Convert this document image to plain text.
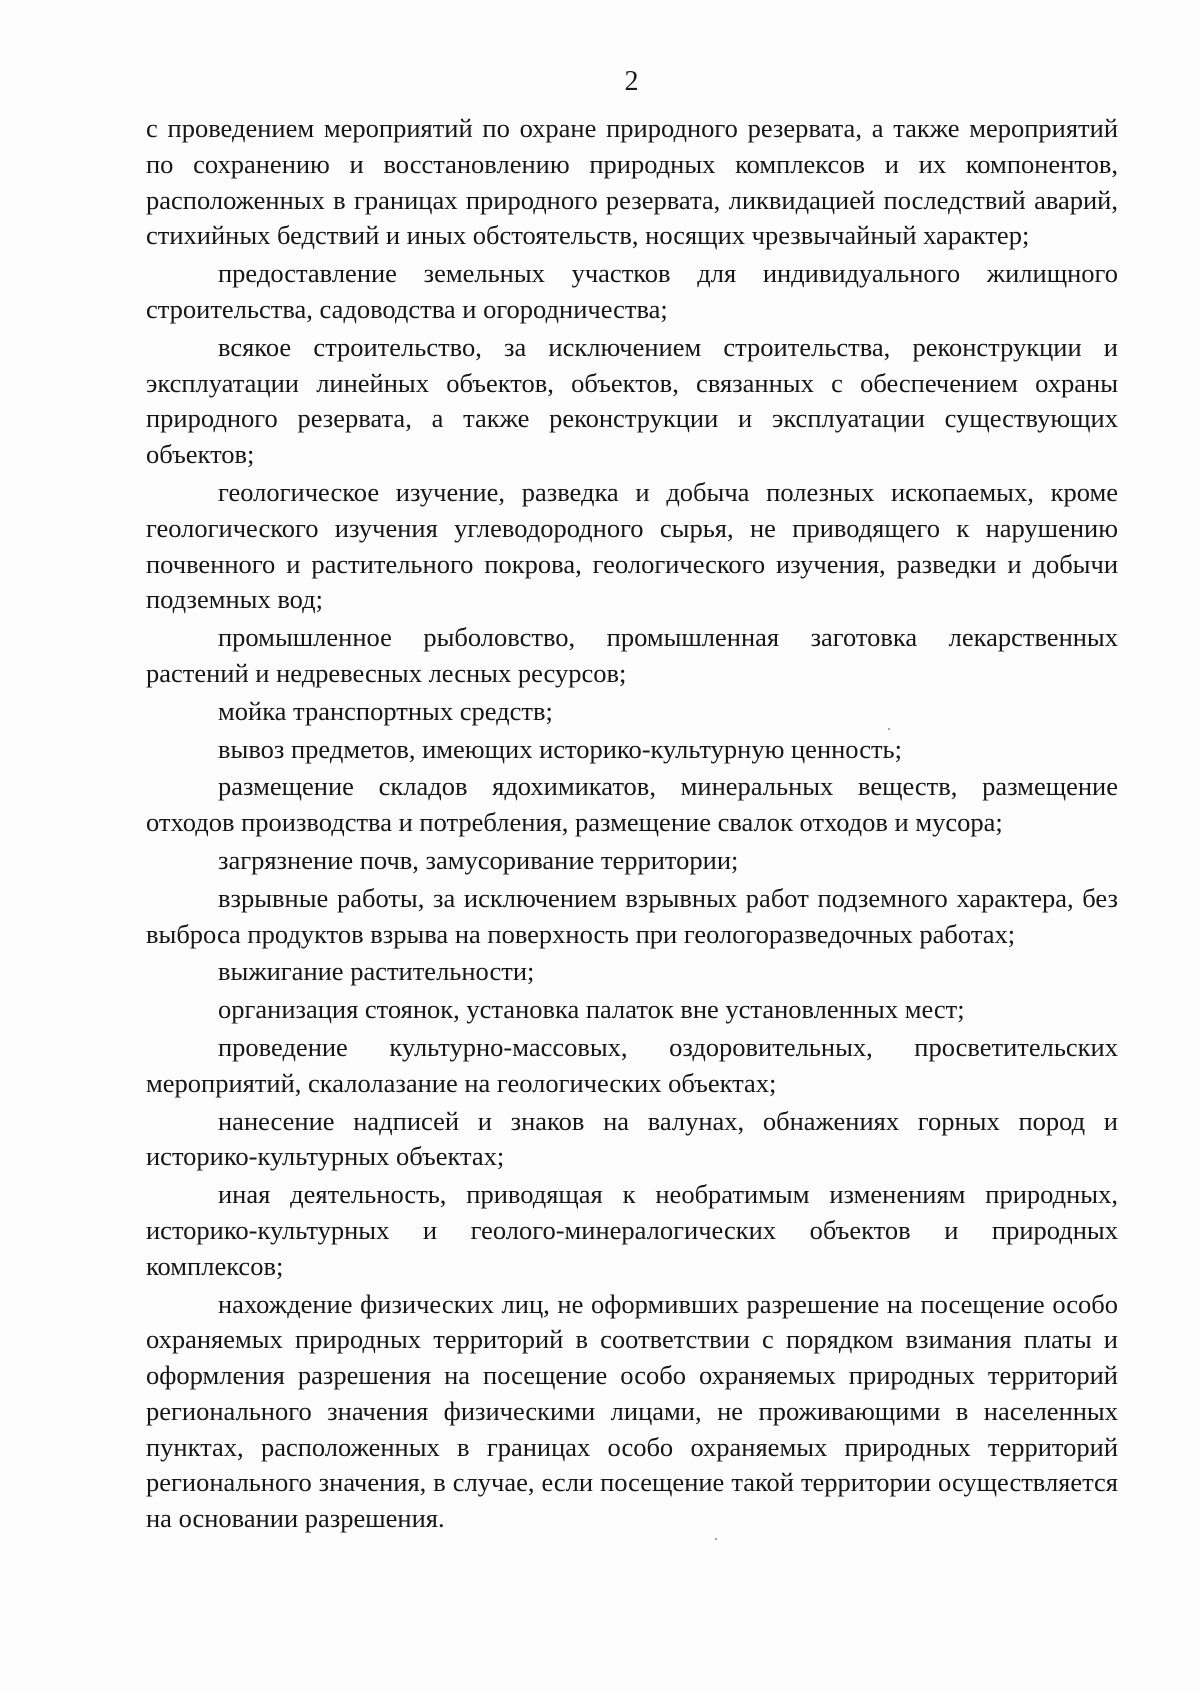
2

с проведением мероприятий по охране природного резервата, а также мероприятий по сохранению и восстановлению природных комплексов и их компонентов, расположенных в границах природного резервата, ликвидацией последствий аварий, стихийных бедствий и иных обстоятельств, носящих чрезвычайный характер;

предоставление земельных участков для индивидуального жилищного строительства, садоводства и огородничества;

всякое строительство, за исключением строительства, реконструкции и эксплуатации линейных объектов, объектов, связанных с обеспечением охраны природного резервата, а также реконструкции и эксплуатации существующих объектов;

геологическое изучение, разведка и добыча полезных ископаемых, кроме геологического изучения углеводородного сырья, не приводящего к нарушению почвенного и растительного покрова, геологического изучения, разведки и добычи подземных вод;

промышленное рыболовство, промышленная заготовка лекарственных растений и недревесных лесных ресурсов;

мойка транспортных средств;

вывоз предметов, имеющих историко-культурную ценность;

размещение складов ядохимикатов, минеральных веществ, размещение отходов производства и потребления, размещение свалок отходов и мусора;

загрязнение почв, замусоривание территории;

взрывные работы, за исключением взрывных работ подземного характера, без выброса продуктов взрыва на поверхность при геологоразведочных работах;

выжигание растительности;

организация стоянок, установка палаток вне установленных мест;

проведение культурно-массовых, оздоровительных, просветительских мероприятий, скалолазание на геологических объектах;

нанесение надписей и знаков на валунах, обнажениях горных пород и историко-культурных объектах;

иная деятельность, приводящая к необратимым изменениям природных, историко-культурных и геолого-минералогических объектов и природных комплексов;

нахождение физических лиц, не оформивших разрешение на посещение особо охраняемых природных территорий в соответствии с порядком взимания платы и оформления разрешения на посещение особо охраняемых природных территорий регионального значения физическими лицами, не проживающими в населенных пунктах, расположенных в границах особо охраняемых природных территорий регионального значения, в случае, если посещение такой территории осуществляется на основании разрешения.
